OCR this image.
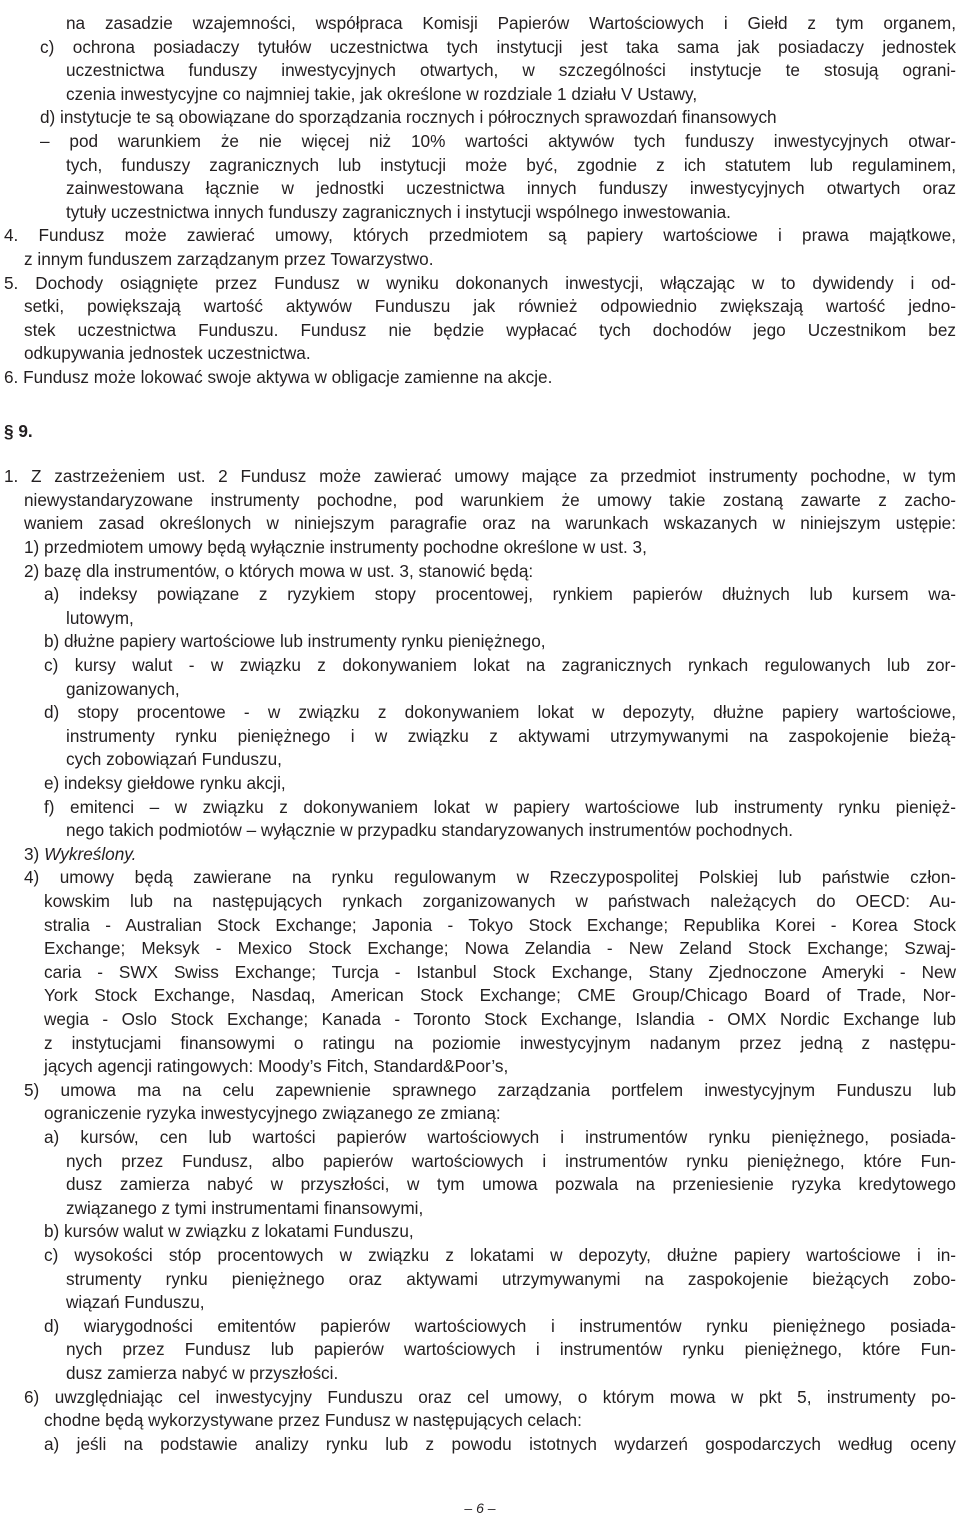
na zasadzie wzajemności, współpraca Komisji Papierów Wartościowych i Giełd z tym organem,
c) ochrona posiadaczy tytułów uczestnictwa tych instytucji jest taka sama jak posiadaczy jednostek
uczestnictwa funduszy inwestycyjnych otwartych, w szczególności instytucje te stosują ograni-
czenia inwestycyjne co najmniej takie, jak określone w rozdziale 1 działu V Ustawy,
d) instytucje te są obowiązane do sporządzania rocznych i półrocznych sprawozdań finansowych
– pod warunkiem że nie więcej niż 10% wartości aktywów tych funduszy inwestycyjnych otwar-
tych, funduszy zagranicznych lub instytucji może być, zgodnie z ich statutem lub regulaminem,
zainwestowana łącznie w jednostki uczestnictwa innych funduszy inwestycyjnych otwartych oraz
tytuły uczestnictwa innych funduszy zagranicznych i instytucji wspólnego inwestowania.
4. Fundusz może zawierać umowy, których przedmiotem są papiery wartościowe i prawa majątkowe,
z innym funduszem zarządzanym przez Towarzystwo.
5. Dochody osiągnięte przez Fundusz w wyniku dokonanych inwestycji, włączając w to dywidendy i od-
setki, powiększają wartość aktywów Funduszu jak również odpowiednio zwiększają wartość jedno-
stek uczestnictwa Funduszu. Fundusz nie będzie wypłacać tych dochodów jego Uczestnikom bez
odkupywania jednostek uczestnictwa.
6. Fundusz może lokować swoje aktywa w obligacje zamienne na akcje.
§ 9.
1. Z zastrzeżeniem ust. 2 Fundusz może zawierać umowy mające za przedmiot instrumenty pochodne, w tym
niewystandaryzowane instrumenty pochodne, pod warunkiem że umowy takie zostaną zawarte z zacho-
waniem zasad określonych w niniejszym paragrafie oraz na warunkach wskazanych w niniejszym ustępie:
1) przedmiotem umowy będą wyłącznie instrumenty pochodne określone w ust. 3,
2) bazę dla instrumentów, o których mowa w ust. 3, stanowić będą:
a) indeksy powiązane z ryzykiem stopy procentowej, rynkiem papierów dłużnych lub kursem wa-
lutowym,
b) dłużne papiery wartościowe lub instrumenty rynku pieniężnego,
c) kursy walut - w związku z dokonywaniem lokat na zagranicznych rynkach regulowanych lub zor-
ganizowanych,
d) stopy procentowe - w związku z dokonywaniem lokat w depozyty, dłużne papiery wartościowe,
instrumenty rynku pieniężnego i w związku z aktywami utrzymywanymi na zaspokojenie bieżą-
cych zobowiązań Funduszu,
e) indeksy giełdowe rynku akcji,
f) emitenci – w związku z dokonywaniem lokat w papiery wartościowe lub instrumenty rynku pienięż-
nego takich podmiotów – wyłącznie w przypadku standaryzowanych instrumentów pochodnych.
3) Wykreślony.
4) umowy będą zawierane na rynku regulowanym w Rzeczypospolitej Polskiej lub państwie człon-
kowskim lub na następujących rynkach zorganizowanych w państwach należących do OECD: Au-
stralia - Australian Stock Exchange; Japonia - Tokyo Stock Exchange; Republika Korei - Korea Stock
Exchange; Meksyk - Mexico Stock Exchange; Nowa Zelandia - New Zeland Stock Exchange; Szwaj-
caria - SWX Swiss Exchange; Turcja - Istanbul Stock Exchange, Stany Zjednoczone Ameryki - New
York Stock Exchange, Nasdaq, American Stock Exchange; CME Group/Chicago Board of Trade, Nor-
wegia - Oslo Stock Exchange; Kanada - Toronto Stock Exchange, Islandia - OMX Nordic Exchange lub
z instytucjami finansowymi o ratingu na poziomie inwestycyjnym nadanym przez jedną z następu-
jących agencji ratingowych: Moody’s Fitch, Standard&Poor’s,
5) umowa ma na celu zapewnienie sprawnego zarządzania portfelem inwestycyjnym Funduszu lub
ograniczenie ryzyka inwestycyjnego związanego ze zmianą:
a) kursów, cen lub wartości papierów wartościowych i instrumentów rynku pieniężnego, posiada-
nych przez Fundusz, albo papierów wartościowych i instrumentów rynku pieniężnego, które Fun-
dusz zamierza nabyć w przyszłości, w tym umowa pozwala na przeniesienie ryzyka kredytowego
związanego z tymi instrumentami finansowymi,
b) kursów walut w związku z lokatami Funduszu,
c) wysokości stóp procentowych w związku z lokatami w depozyty, dłużne papiery wartościowe i in-
strumenty rynku pieniężnego oraz aktywami utrzymywanymi na zaspokojenie bieżących zobo-
wiązań Funduszu,
d) wiarygodności emitentów papierów wartościowych i instrumentów rynku pieniężnego posiada-
nych przez Fundusz lub papierów wartościowych i instrumentów rynku pieniężnego, które Fun-
dusz zamierza nabyć w przyszłości.
6) uwzględniając cel inwestycyjny Funduszu oraz cel umowy, o którym mowa w pkt 5, instrumenty po-
chodne będą wykorzystywane przez Fundusz w następujących celach:
a) jeśli na podstawie analizy rynku lub z powodu istotnych wydarzeń gospodarczych według oceny
– 6 –
